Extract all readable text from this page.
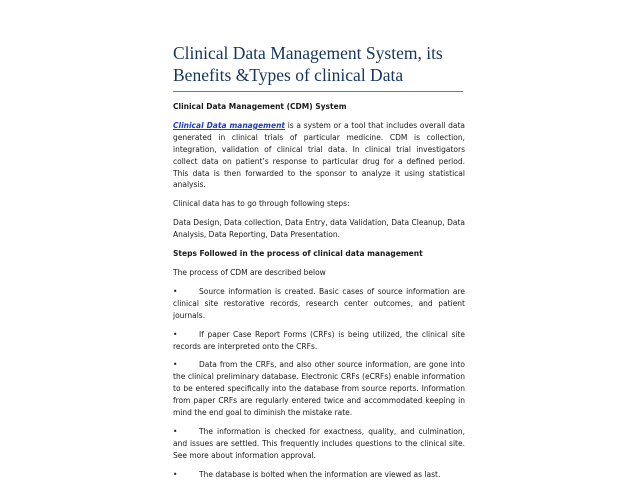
Clinical Data Management System, its
Benefits &Types of clinical Data

Clinical Data Management (CDM) System

Clinical Data management is a system or a tool that includes overall data generated in clinical trials of particular medicine. CDM is collection, integration, validation of clinical trial data. In clinical trial investigators collect data on patient’s response to particular drug for a defined period. This data is then forwarded to the sponsor to analyze it using statistical analysis.

Clinical data has to go through following steps:

Data Design, Data collection, Data Entry, data Validation, Data Cleanup, Data Analysis, Data Reporting, Data Presentation.

Steps Followed in the process of clinical data management

The process of CDM are described below

•	Source information is created. Basic cases of source information are clinical site restorative records, research center outcomes, and patient journals.

•	If paper Case Report Forms (CRFs) is being utilized, the clinical site records are interpreted onto the CRFs.

•	Data from the CRFs, and also other source information, are gone into the clinical preliminary database. Electronic CRFs (eCRFs) enable information to be entered specifically into the database from source reports. Information from paper CRFs are regularly entered twice and accommodated keeping in mind the end goal to diminish the mistake rate.

•	The information is checked for exactness, quality, and culmination, and issues are settled. This frequently includes questions to the clinical site. See more about information approval.

•	The database is bolted when the information are viewed as last.
